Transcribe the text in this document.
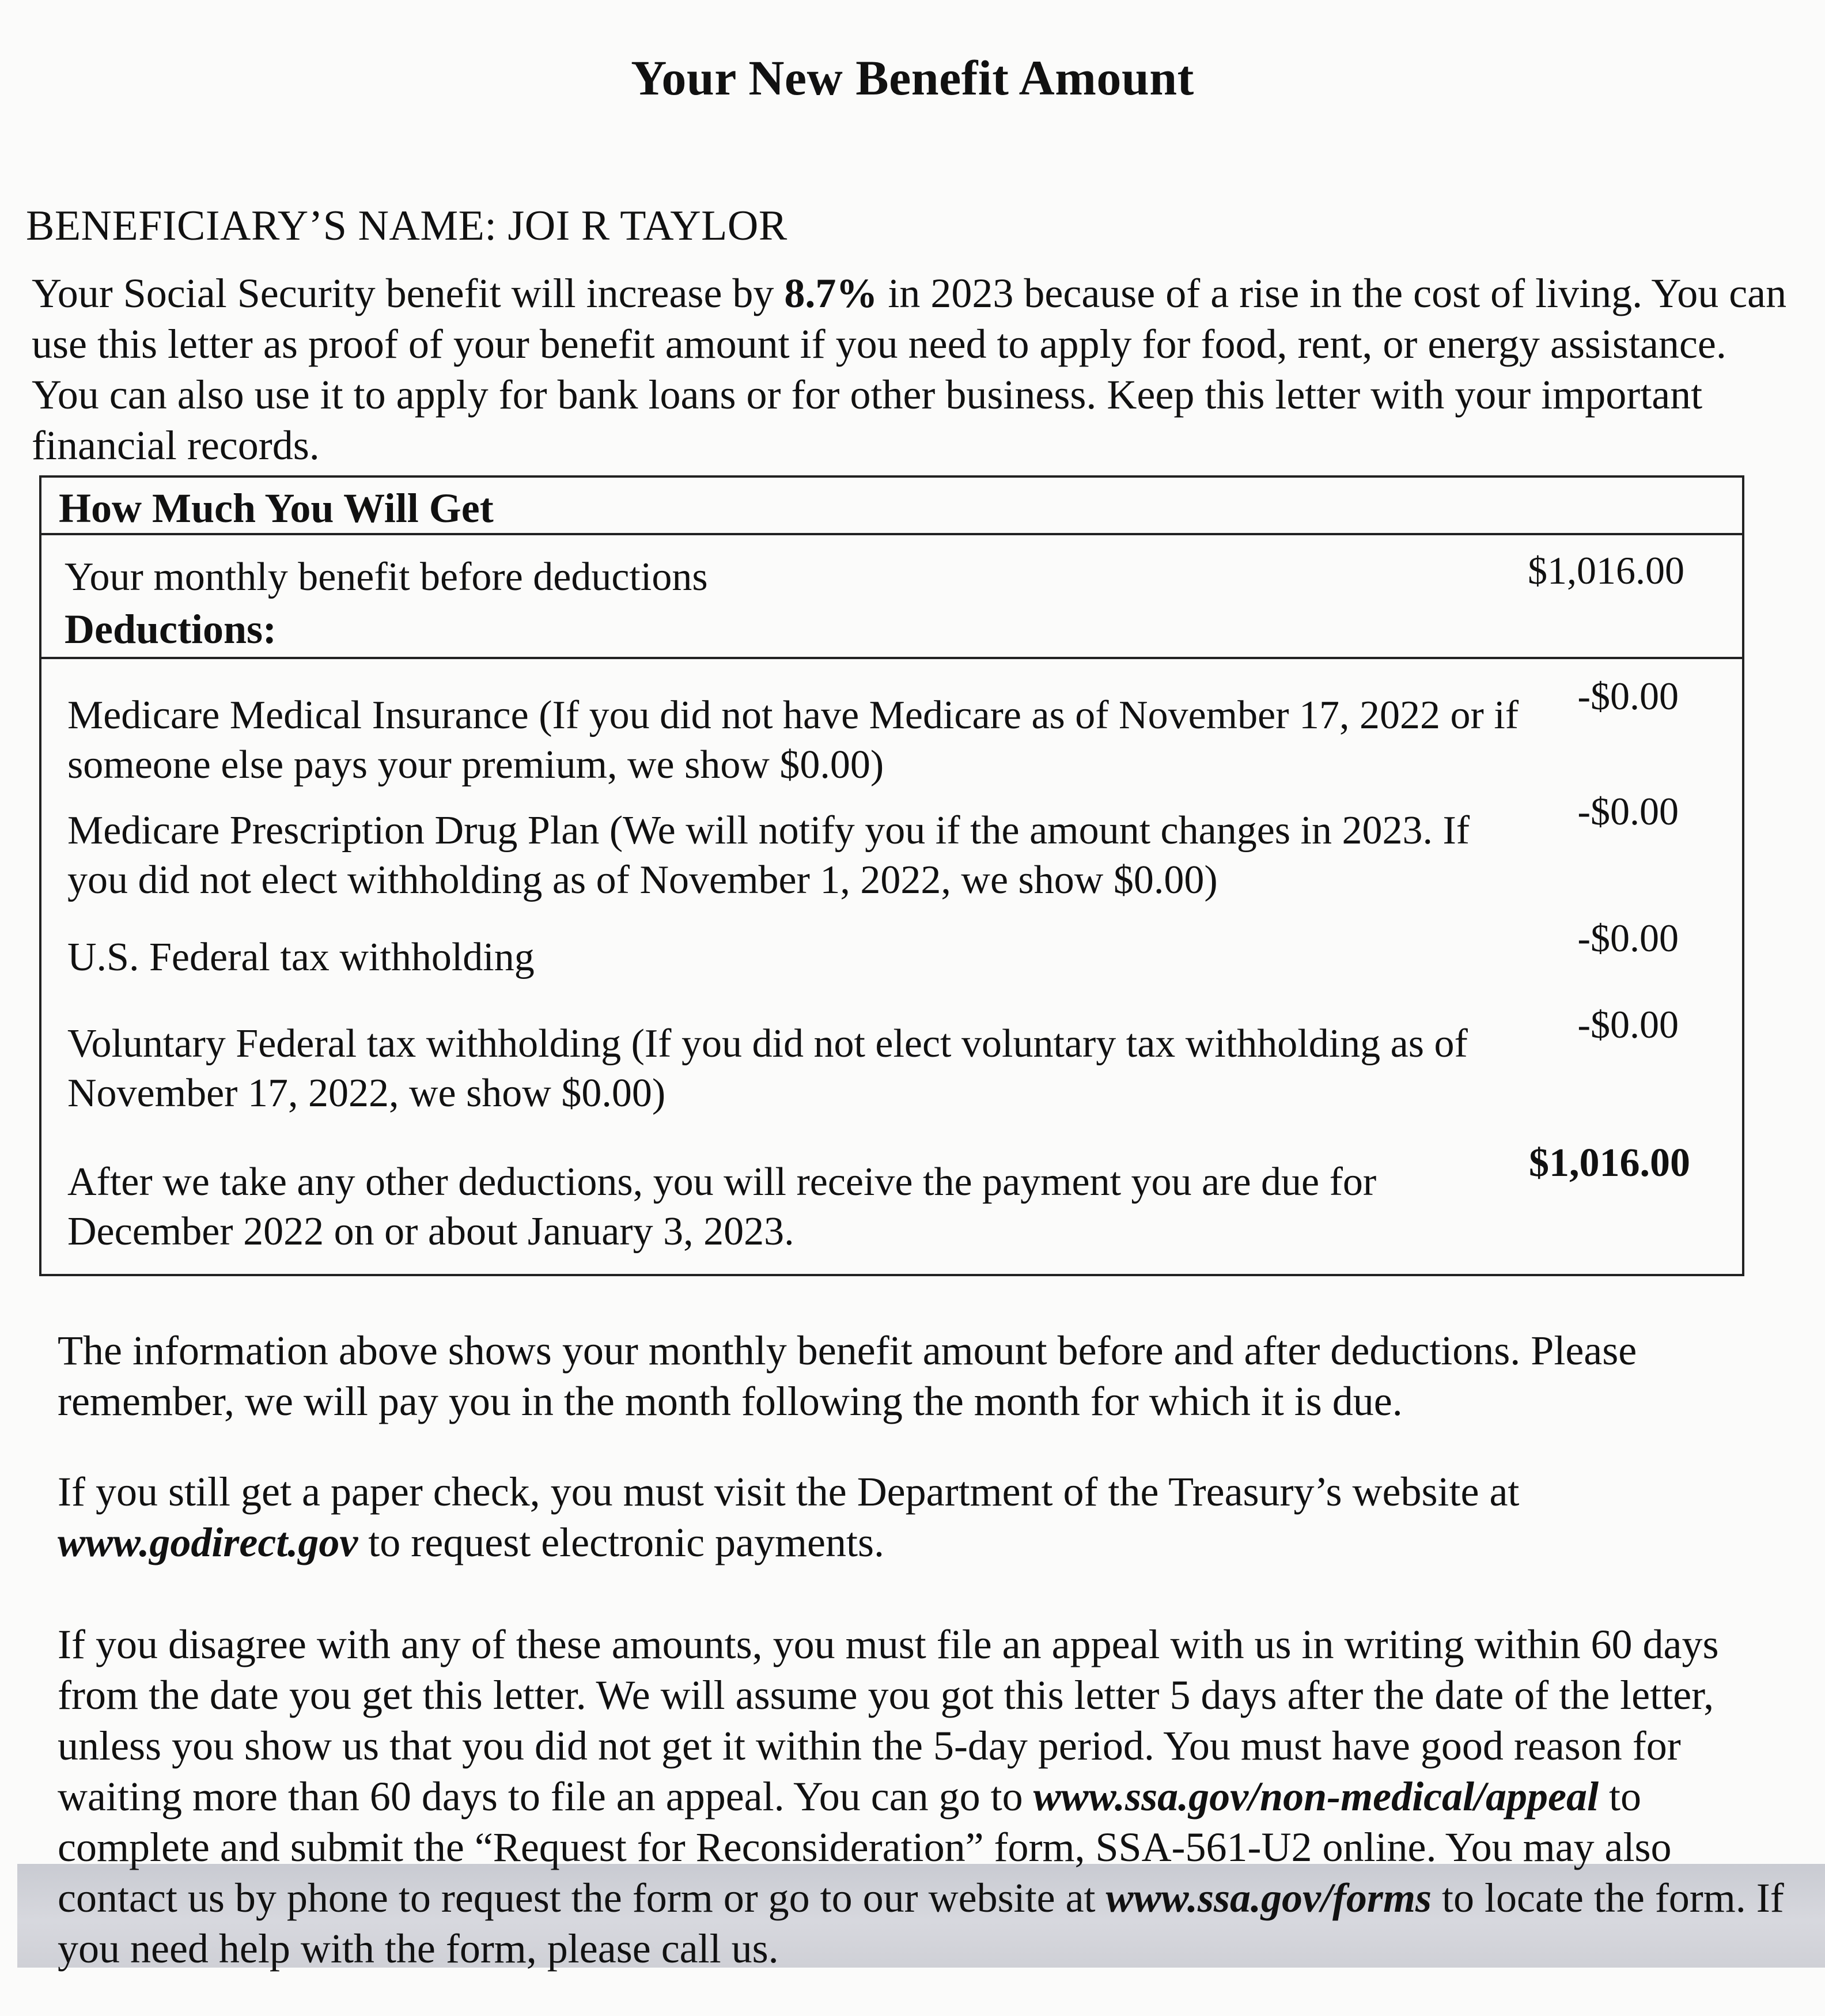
Your New Benefit Amount
BENEFICIARY’S NAME: JOI R TAYLOR
Your Social Security benefit will increase by 8.7% in 2023 because of a rise in the cost of living. You can use this letter as proof of your benefit amount if you need to apply for food, rent, or energy assistance. You can also use it to apply for bank loans or for other business. Keep this letter with your important financial records.
How Much You Will Get
Your monthly benefit before deductions	$1,016.00
Deductions:
Medicare Medical Insurance (If you did not have Medicare as of November 17, 2022 or if someone else pays your premium, we show $0.00)
-$0.00
Medicare Prescription Drug Plan (We will notify you if the amount changes in 2023. If you did not elect withholding as of November 1, 2022, we show $0.00)
-$0.00
U.S. Federal tax withholding	-$0.00
Voluntary Federal tax withholding (If you did not elect voluntary tax withholding as of November 17, 2022, we show $0.00)
-$0.00
After we take any other deductions, you will receive the payment you are due for December 2022 on or about January 3, 2023.
$1,016.00
The information above shows your monthly benefit amount before and after deductions. Please remember, we will pay you in the month following the month for which it is due.
If you still get a paper check, you must visit the Department of the Treasury’s website at www.godirect.gov to request electronic payments.
If you disagree with any of these amounts, you must file an appeal with us in writing within 60 days from the date you get this letter. We will assume you got this letter 5 days after the date of the letter, unless you show us that you did not get it within the 5-day period. You must have good reason for waiting more than 60 days to file an appeal. You can go to www.ssa.gov/non-medical/appeal to complete and submit the “Request for Reconsideration” form, SSA-561-U2 online. You may also contact us by phone to request the form or go to our website at www.ssa.gov/forms to locate the form. If you need help with the form, please call us.
